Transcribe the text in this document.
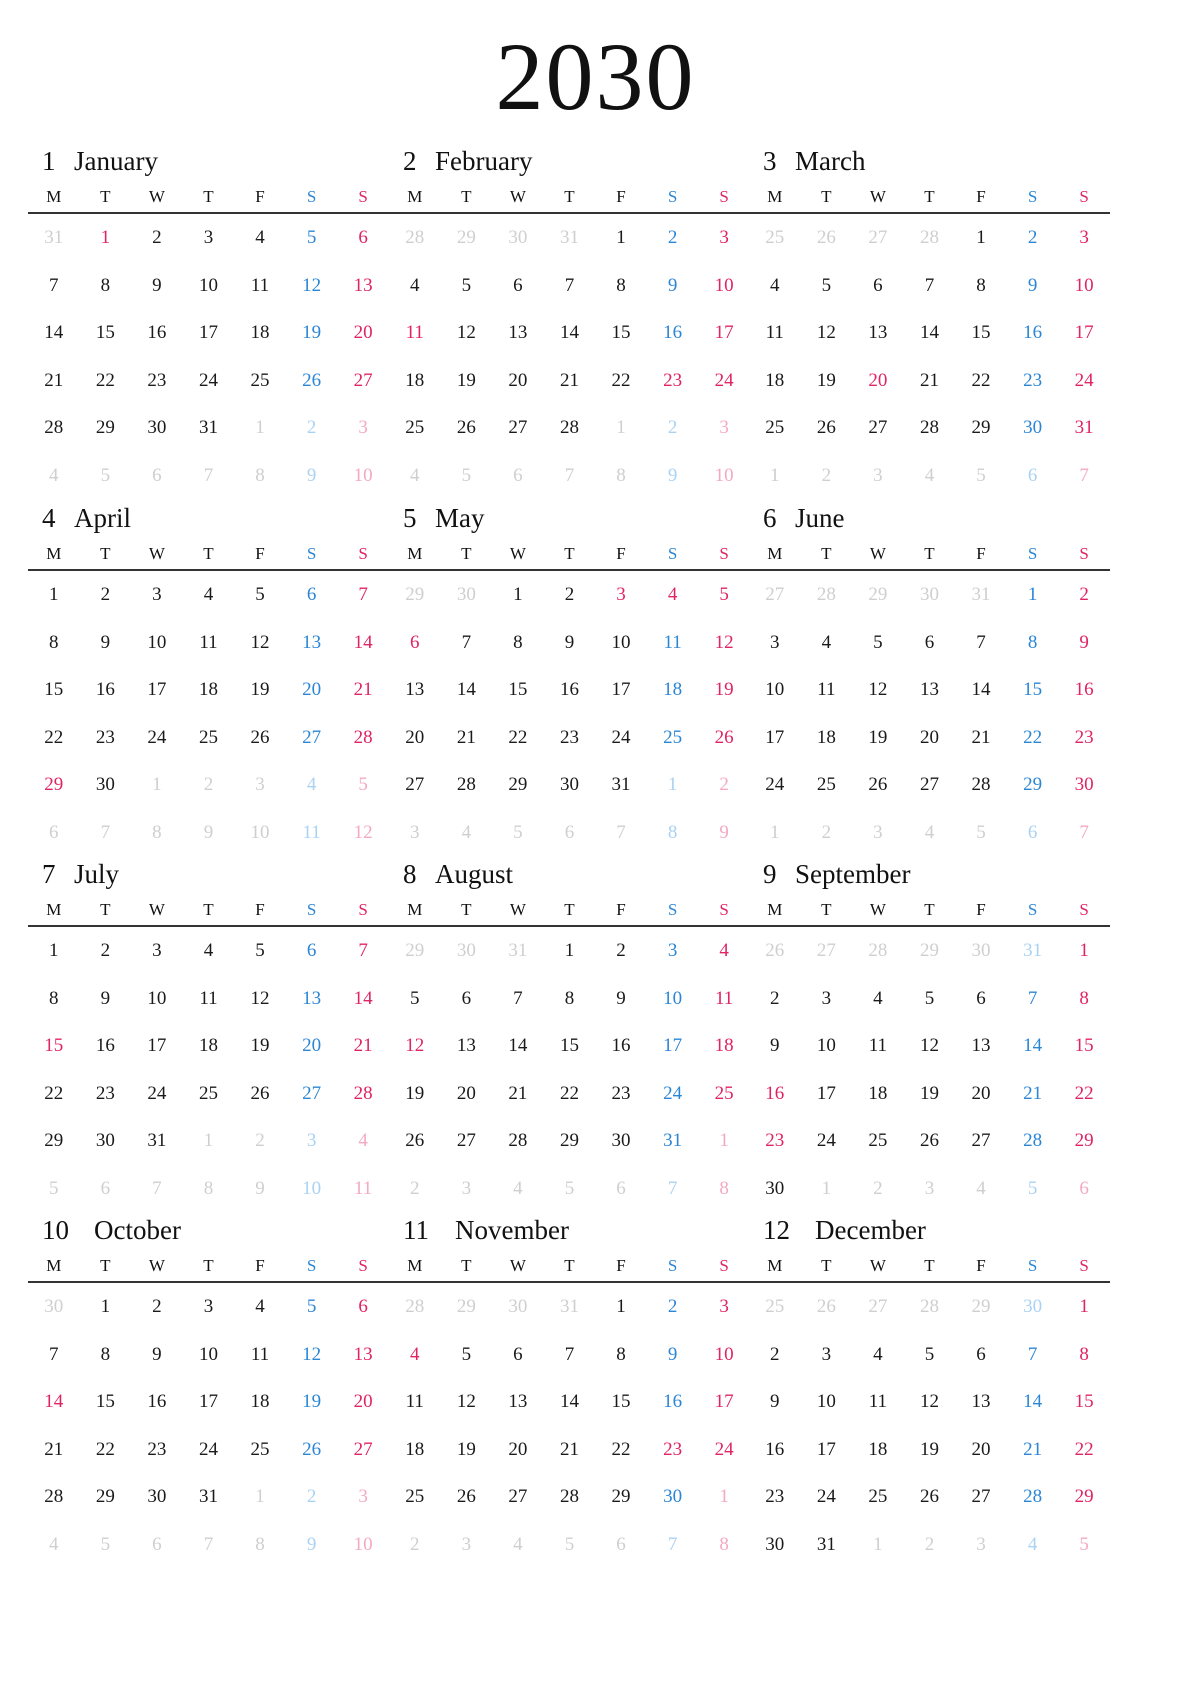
2030
1 January
M	T	W	T	F	S	S
31	1	2	3	4	5	6
7	8	9	10	11	12	13
14	15	16	17	18	19	20
21	22	23	24	25	26	27
28	29	30	31	1	2	3
4	5	6	7	8	9	10
2 February
M	T	W	T	F	S	S
28	29	30	31	1	2	3
4	5	6	7	8	9	10
11	12	13	14	15	16	17
18	19	20	21	22	23	24
25	26	27	28	1	2	3
4	5	6	7	8	9	10
3 March
M	T	W	T	F	S	S
25	26	27	28	1	2	3
4	5	6	7	8	9	10
11	12	13	14	15	16	17
18	19	20	21	22	23	24
25	26	27	28	29	30	31
1	2	3	4	5	6	7
4 April
M	T	W	T	F	S	S
1	2	3	4	5	6	7
8	9	10	11	12	13	14
15	16	17	18	19	20	21
22	23	24	25	26	27	28
29	30	1	2	3	4	5
6	7	8	9	10	11	12
5 May
M	T	W	T	F	S	S
29	30	1	2	3	4	5
6	7	8	9	10	11	12
13	14	15	16	17	18	19
20	21	22	23	24	25	26
27	28	29	30	31	1	2
3	4	5	6	7	8	9
6 June
M	T	W	T	F	S	S
27	28	29	30	31	1	2
3	4	5	6	7	8	9
10	11	12	13	14	15	16
17	18	19	20	21	22	23
24	25	26	27	28	29	30
1	2	3	4	5	6	7
7 July
M	T	W	T	F	S	S
1	2	3	4	5	6	7
8	9	10	11	12	13	14
15	16	17	18	19	20	21
22	23	24	25	26	27	28
29	30	31	1	2	3	4
5	6	7	8	9	10	11
8 August
M	T	W	T	F	S	S
29	30	31	1	2	3	4
5	6	7	8	9	10	11
12	13	14	15	16	17	18
19	20	21	22	23	24	25
26	27	28	29	30	31	1
2	3	4	5	6	7	8
9 September
M	T	W	T	F	S	S
26	27	28	29	30	31	1
2	3	4	5	6	7	8
9	10	11	12	13	14	15
16	17	18	19	20	21	22
23	24	25	26	27	28	29
30	1	2	3	4	5	6
10 October
M	T	W	T	F	S	S
30	1	2	3	4	5	6
7	8	9	10	11	12	13
14	15	16	17	18	19	20
21	22	23	24	25	26	27
28	29	30	31	1	2	3
4	5	6	7	8	9	10
11 November
M	T	W	T	F	S	S
28	29	30	31	1	2	3
4	5	6	7	8	9	10
11	12	13	14	15	16	17
18	19	20	21	22	23	24
25	26	27	28	29	30	1
2	3	4	5	6	7	8
12 December
M	T	W	T	F	S	S
25	26	27	28	29	30	1
2	3	4	5	6	7	8
9	10	11	12	13	14	15
16	17	18	19	20	21	22
23	24	25	26	27	28	29
30	31	1	2	3	4	5
